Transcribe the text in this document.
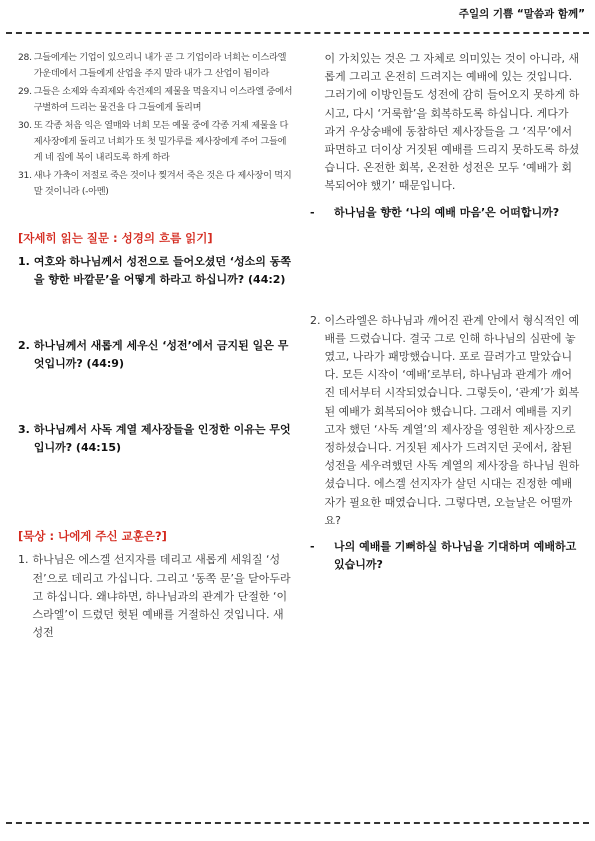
주일의 기쁨 “말씀과 함께”
28. 그들에게는 기업이 있으리니 내가 곧 그 기업이라 너희는 이스라엘 가운데에서 그들에게 산업을 주지 말라 내가 그 산업이 됨이라
29. 그들은 소제와 속죄제와 속건제의 제물을 먹을지니 이스라엘 중에서 구별하여 드리는 물건을 다 그들에게 돌리며
30. 또 각종 처음 익은 열매와 너희 모든 예물 중에 각종 거제 제물을 다 제사장에게 돌리고 너희가 또 첫 밀가루를 제사장에게 주어 그들에게 네 집에 복이 내리도록 하게 하라
31. 새나 가축이 저절로 죽은 것이나 찢겨서 죽은 것은 다 제사장이 먹지 말 것이니라 (-아멘)
[자세히 읽는 질문 : 성경의 흐름 읽기]
1. 여호와 하나님께서 성전으로 들어오셨던 ‘성소의 동쪽을 향한 바깥문’을 어떻게 하라고 하십니까? (44:2)
2. 하나님께서 새롭게 세우신 ‘성전’에서 금지된 일은 무엇입니까? (44:9)
3. 하나님께서 사독 계열 제사장들을 인정한 이유는 무엇입니까? (44:15)
[묵상 : 나에게 주신 교훈은?]
1. 하나님은 에스겔 선지자를 데리고 새롭게 세워질 ‘성전’으로 데리고 가십니다. 그리고 ‘동쪽 문’을 닫아두라고 하십니다. 왜냐하면, 하나님과의 관계가 단절한 ‘이스라엘’이 드렸던 헛된 예배를 거절하신 것입니다. 새 성전
이 가치있는 것은 그 자체로 의미있는 것이 아니라, 새롭게 그리고 온전히 드려지는 예배에 있는 것입니다. 그러기에 이방인들도 성전에 감히 들어오지 못하게 하시고, 다시 ‘거룩함’을 회복하도록 하십니다. 게다가 과거 우상숭배에 동참하던 제사장들을 그 ‘직무’에서 파면하고 더이상 거짓된 예배를 드리지 못하도록 하셨습니다. 온전한 회복, 온전한 성전은 모두 ‘예배가 회복되어야 했기’ 때문입니다.
-	하나님을 향한 ‘나의 예배 마음’은 어떠합니까?
2. 이스라엘은 하나님과 깨어진 관계 안에서 형식적인 예배를 드렸습니다. 결국 그로 인해 하나님의 심판에 놓였고, 나라가 패망했습니다. 포로 끌려가고 말았습니다. 모든 시작이 ‘예배’로부터, 하나님과 관계가 깨어진 데서부터 시작되었습니다. 그렇듯이, ‘관계’가 회복된 예배가 회복되어야 했습니다. 그래서 예배를 지키고자 했던 ‘사독 계열’의 제사장을 영원한 제사장으로 정하셨습니다. 거짓된 제사가 드려지던 곳에서, 참된 성전을 세우려했던 사독 계열의 제사장을 하나님 원하셨습니다. 에스겔 선지자가 살던 시대는 진정한 예배자가 필요한 때였습니다. 그렇다면, 오늘날은 어떨까요?
-	나의 예배를 기뻐하실 하나님을 기대하며 예배하고 있습니까?
